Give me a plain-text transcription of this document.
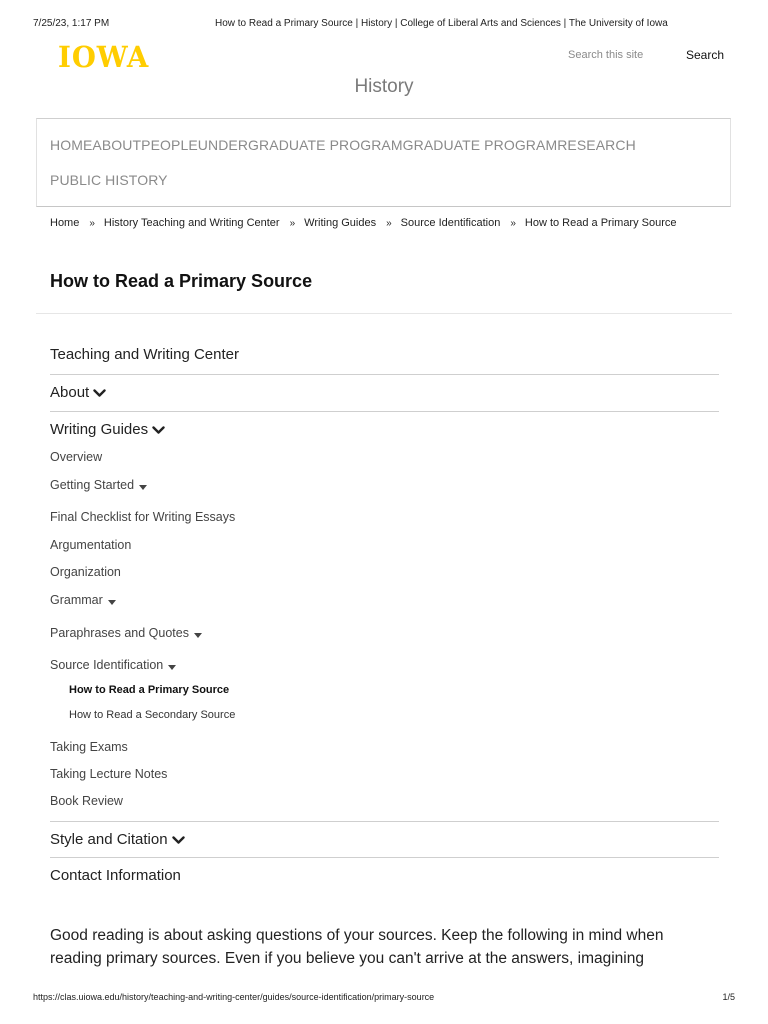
7/25/23, 1:17 PM	How to Read a Primary Source | History | College of Liberal Arts and Sciences | The University of Iowa
IOWA
Search this site	Search
History
HOMEABOUTPEOPLEUNDERGRADUATE PROGRAMGRADUATE PROGRAMRESEARCH
PUBLIC HISTORY
Home » History Teaching and Writing Center » Writing Guides » Source Identification » How to Read a Primary Source
How to Read a Primary Source
Teaching and Writing Center
About
Writing Guides
Overview
Getting Started
Final Checklist for Writing Essays
Argumentation
Organization
Grammar
Paraphrases and Quotes
Source Identification
How to Read a Primary Source
How to Read a Secondary Source
Taking Exams
Taking Lecture Notes
Book Review
Style and Citation
Contact Information

Good reading is about asking questions of your sources. Keep the following in mind when
reading primary sources. Even if you believe you can't arrive at the answers, imagining

https://clas.uiowa.edu/history/teaching-and-writing-center/guides/source-identification/primary-source	1/5
